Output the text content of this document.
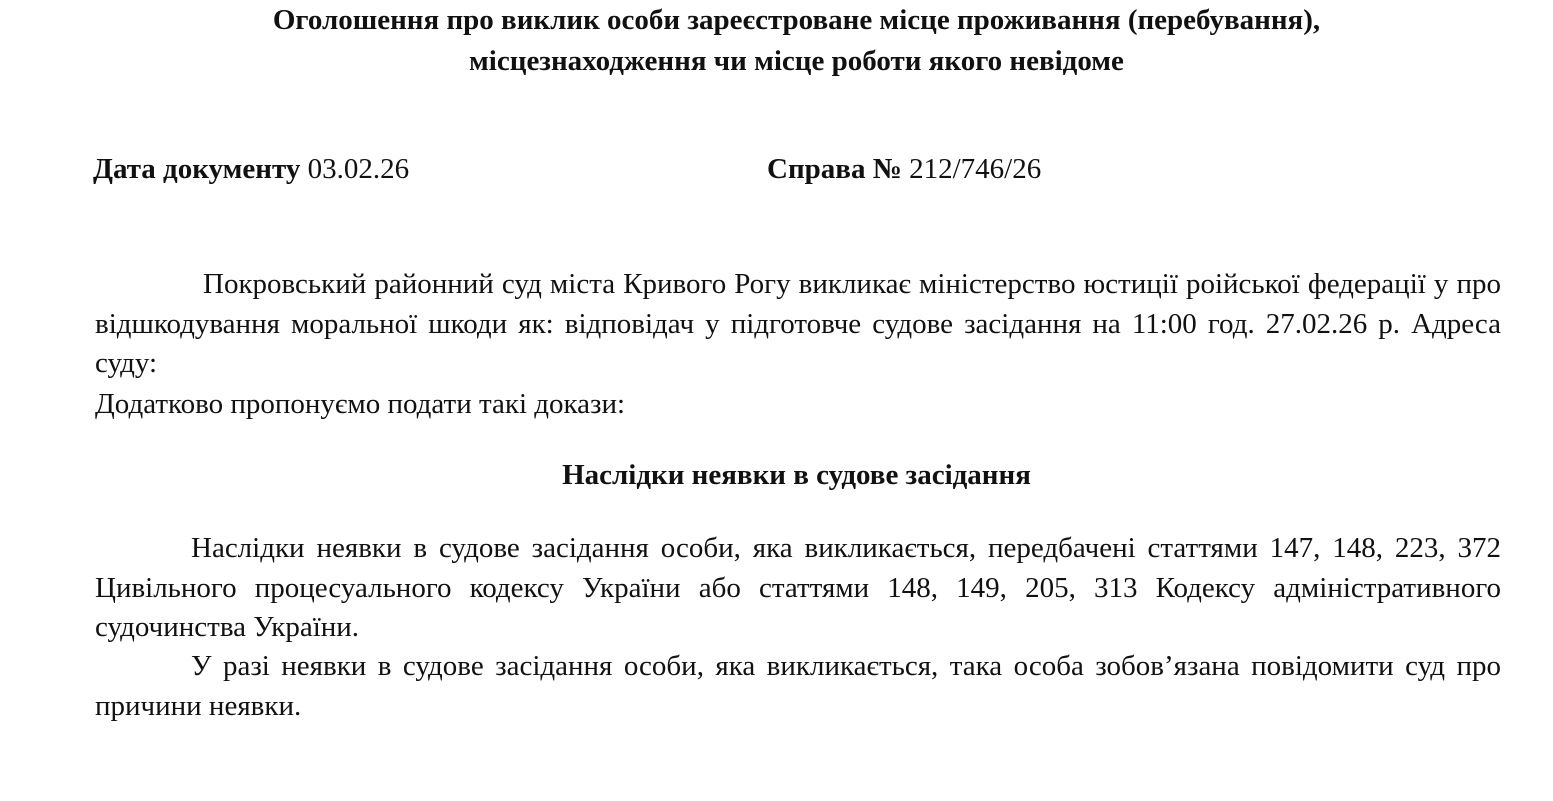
Оголошення про виклик особи зареєстроване місце проживання (перебування),
місцезнаходження чи місце роботи якого невідоме
Дата документу 03.02.26	Справа № 212/746/26

Покровський районний суд міста Кривого Рогу викликає міністерство юстиції роійської федерації у про відшкодування моральної шкоди як: відповідач у підготовче судове засідання на 11:00 год. 27.02.26 р. Адреса суду:

Додатково пропонуємо подати такі докази:

Наслідки неявки в судове засідання

Наслідки неявки в судове засідання особи, яка викликається, передбачені статтями 147, 148, 223, 372 Цивільного процесуального кодексу України або статтями 148, 149, 205, 313 Кодексу адміністративного судочинства України.

У разі неявки в судове засідання особи, яка викликається, така особа зобов’язана повідомити суд про причини неявки.
